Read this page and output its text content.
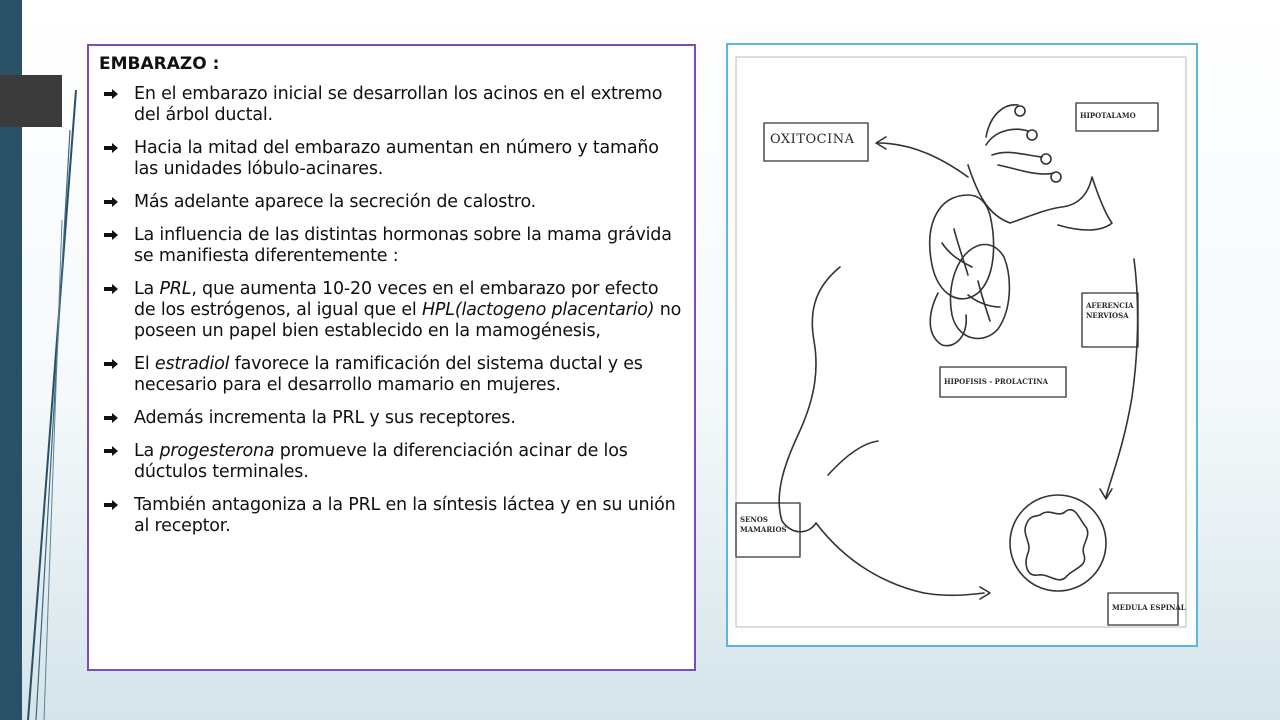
EMBARAZO :
En el embarazo inicial se desarrollan los acinos en el extremo del árbol ductal.
Hacia la mitad del embarazo aumentan en número y tamaño las unidades lóbulo-acinares.
Más adelante aparece la secreción de calostro.
La influencia de las distintas hormonas sobre la mama grávida se manifiesta diferentemente :
La PRL, que aumenta 10-20 veces en el embarazo por efecto de los estrógenos, al igual que el HPL(lactogeno placentario) no poseen un papel bien establecido en la mamogénesis,
El estradiol favorece la ramificación del sistema ductal y es necesario para el desarrollo mamario en mujeres.
Además incrementa la PRL y sus receptores.
La progesterona promueve la diferenciación acinar de los dúctulos terminales.
También antagoniza a la PRL en la síntesis láctea y en su unión al receptor.
OXITOCINA
HIPOTALAMO
AFERENCIA NERVIOSA
HIPOFISIS - PROLACTINA
SENOS MAMARIOS
MEDULA ESPINAL
